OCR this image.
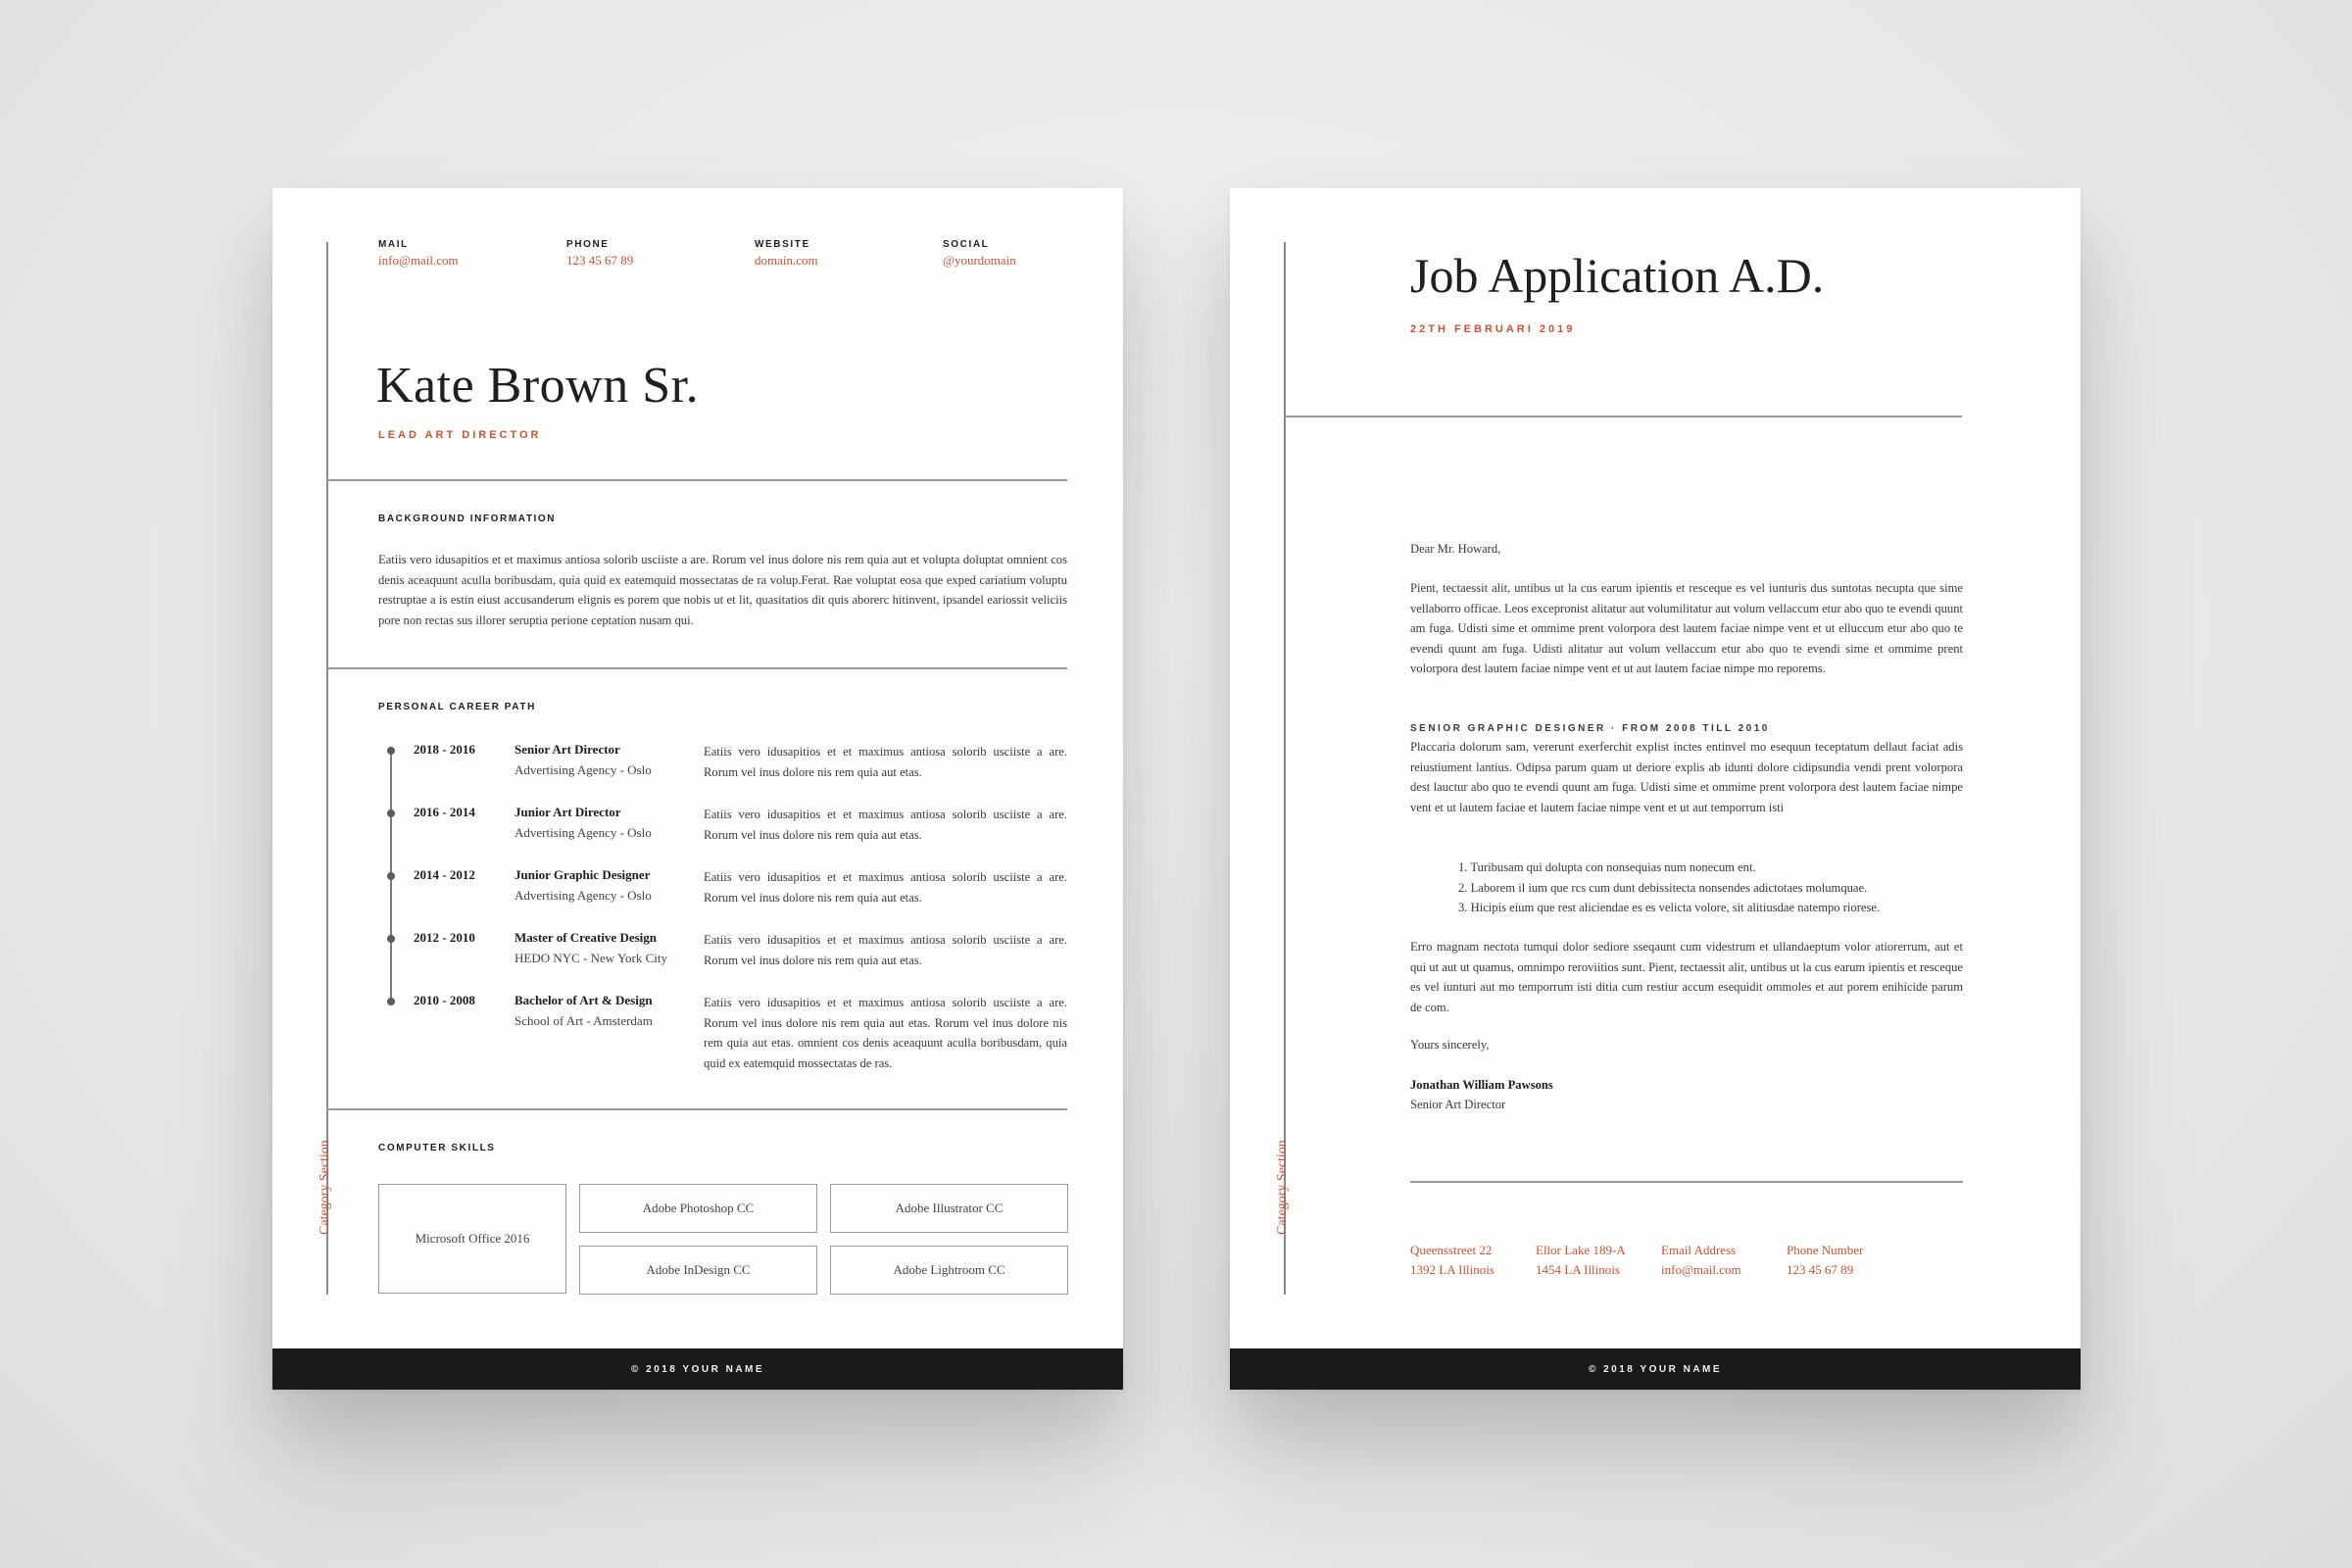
MAIL
info@mail.com
PHONE
123 45 67 89
WEBSITE
domain.com
SOCIAL
@yourdomain
Kate Brown Sr.
LEAD ART DIRECTOR
BACKGROUND INFORMATION
Eatiis vero idusapitios et et maximus antiosa solorib usciiste a are. Rorum vel inus dolore nis rem quia aut et volupta doluptat omnient cos denis aceaquunt aculla boribusdam, quia quid ex eatemquid mossectatas de ra volup.Ferat. Rae voluptat eosa que exped cariatium voluptu restruptae a is estin eiust accusanderum elignis es porem que nobis ut et lit, quasitatios dit quis aborerc hitinvent, ipsandel eariossit veliciis pore non rectas sus illorer seruptia perione ceptation nusam qui.
PERSONAL CAREER PATH
2018 - 2016	Senior Art Director
Advertising Agency - Oslo
Eatiis vero idusapitios et et maximus antiosa solorib usciiste a are. Rorum vel inus dolore nis rem quia aut etas.
2016 - 2014	Junior Art Director
Advertising Agency - Oslo
Eatiis vero idusapitios et et maximus antiosa solorib usciiste a are. Rorum vel inus dolore nis rem quia aut etas.
2014 - 2012	Junior Graphic Designer
Advertising Agency - Oslo
Eatiis vero idusapitios et et maximus antiosa solorib usciiste a are. Rorum vel inus dolore nis rem quia aut etas.
2012 - 2010	Master of Creative Design
HEDO NYC - New York City
Eatiis vero idusapitios et et maximus antiosa solorib usciiste a are. Rorum vel inus dolore nis rem quia aut etas.
2010 - 2008	Bachelor of Art & Design
School of Art - Amsterdam
Eatiis vero idusapitios et et maximus antiosa solorib usciiste a are. Rorum vel inus dolore nis rem quia aut etas. Rorum vel inus dolore nis rem quia aut etas. omnient cos denis aceaquunt aculla boribusdam, quia quid ex eatemquid mossectatas de ras.
COMPUTER SKILLS
Microsoft Office 2016
Adobe Photoshop CC	Adobe Illustrator CC
Adobe InDesign CC	Adobe Lightroom CC
Category Section
© 2018 YOUR NAME
Job Application A.D.
22TH FEBRUARI 2019
Dear Mr. Howard,
Pient, tectaessit alit, untibus ut la cus earum ipientis et resceque es vel iunturis dus suntotas necupta que sime vellaborro officae. Leos excepronist alitatur aut volumilitatur aut volum vellaccum etur abo quo te evendi quunt am fuga. Udisti sime et ommime prent volorpora dest lautem faciae nimpe vent et ut elluccum etur abo quo te evendi quunt am fuga. Udisti alitatur aut volum vellaccum etur abo quo te evendi sime et ommime prent volorpora dest lautem faciae nimpe vent et ut aut lautem faciae nimpe mo reporems.
SENIOR GRAPHIC DESIGNER · FROM 2008 TILL 2010
Placcaria dolorum sam, vererunt exerferchit explist inctes entinvel mo esequun teceptatum dellaut faciat adis reiustiument lantius. Odipsa parum quam ut deriore explis ab idunti dolore cidipsundia vendi prent volorpora dest lauctur abo quo te evendi quunt am fuga. Udisti sime et ommime prent volorpora dest lautem faciae nimpe vent et ut lautem faciae et lautem faciae nimpe vent et ut aut temporrum isti
1. Turibusam qui dolupta con nonsequias num nonecum ent.
2. Laborem il ium que rcs cum dunt debissitecta nonsendes adictotaes molumquae.
3. Hicipis eium que rest aliciendae es es velicta volore, sit alitiusdae natempo riorese.
Erro magnam nectota tumqui dolor sediore sseqaunt cum videstrum et ullandaeptum volor atiorerrum, aut et qui ut aut ut quamus, omnimpo reroviitios sunt. Pient, tectaessit alit, untibus ut la cus earum ipientis et resceque es vel iunturi aut mo temporrum isti ditia cum restiur accum esequidit ommoles et aut porem enihicide parum de com.
Yours sincerely,
Jonathan William Pawsons
Senior Art Director
Queensstreet 22
1392 LA Illinois
Ellor Lake 189-A
1454 LA Illinois
Email Address
info@mail.com
Phone Number
123 45 67 89
Category Section
© 2018 YOUR NAME
